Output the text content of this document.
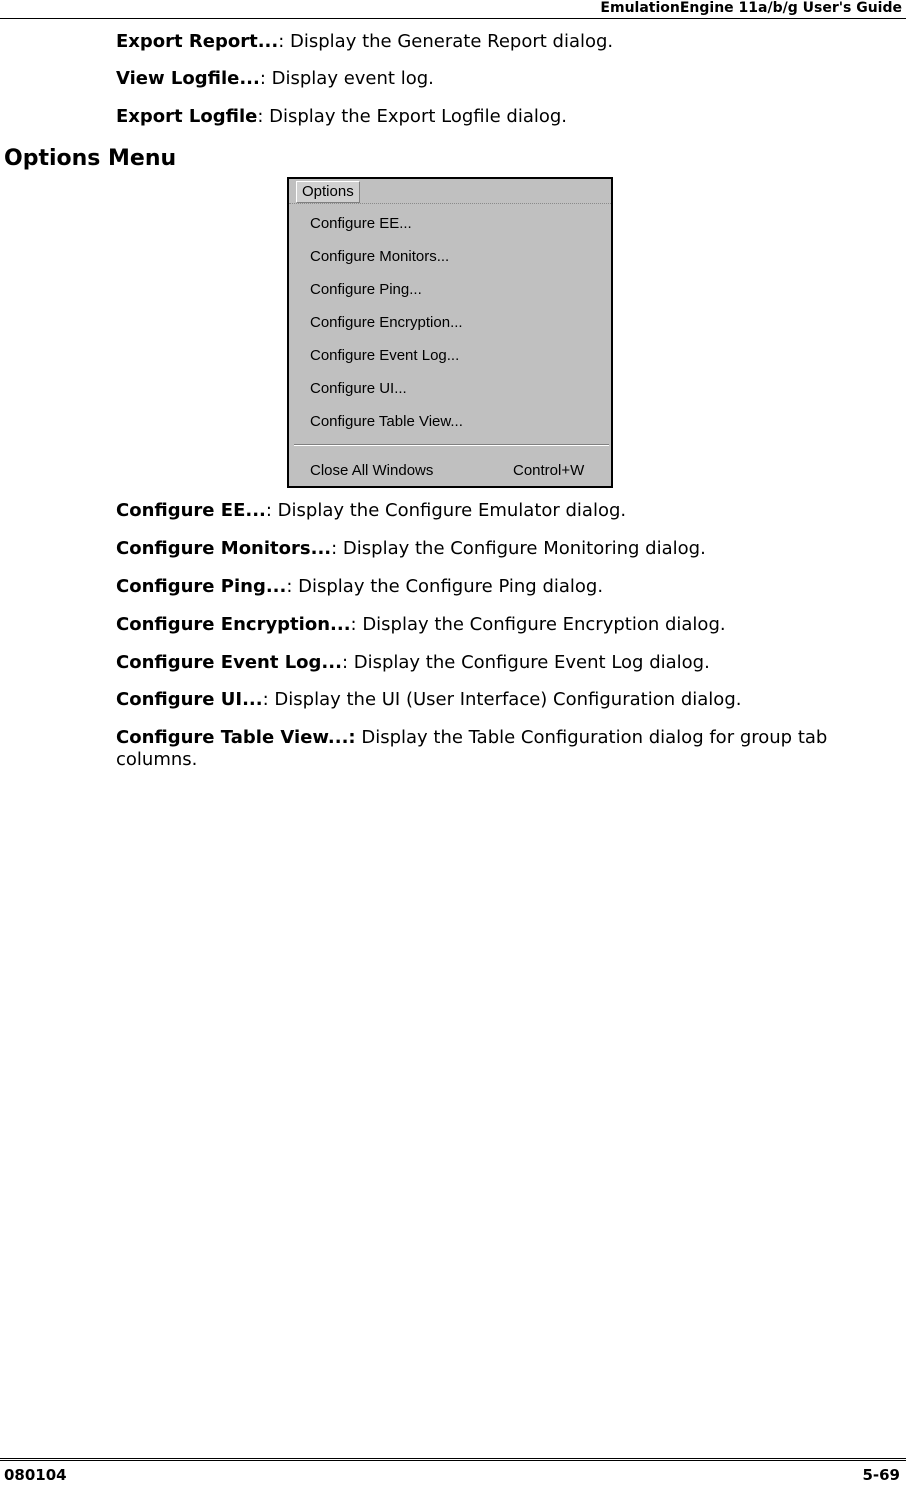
EmulationEngine 11a/b/g User's Guide
Export Report...: Display the Generate Report dialog.
View Logfile...: Display event log.
Export Logfile: Display the Export Logfile dialog.
Options Menu
Options
Configure EE...
Configure Monitors...
Configure Ping...
Configure Encryption...
Configure Event Log...
Configure UI...
Configure Table View...
Close All Windows	Control+W
Configure EE...: Display the Configure Emulator dialog.
Configure Monitors...: Display the Configure Monitoring dialog.
Configure Ping...: Display the Configure Ping dialog.
Configure Encryption...: Display the Configure Encryption dialog.
Configure Event Log...: Display the Configure Event Log dialog.
Configure UI...: Display the UI (User Interface) Configuration dialog.
Configure Table View...: Display the Table Configuration dialog for group tab columns.
080104	5-69
